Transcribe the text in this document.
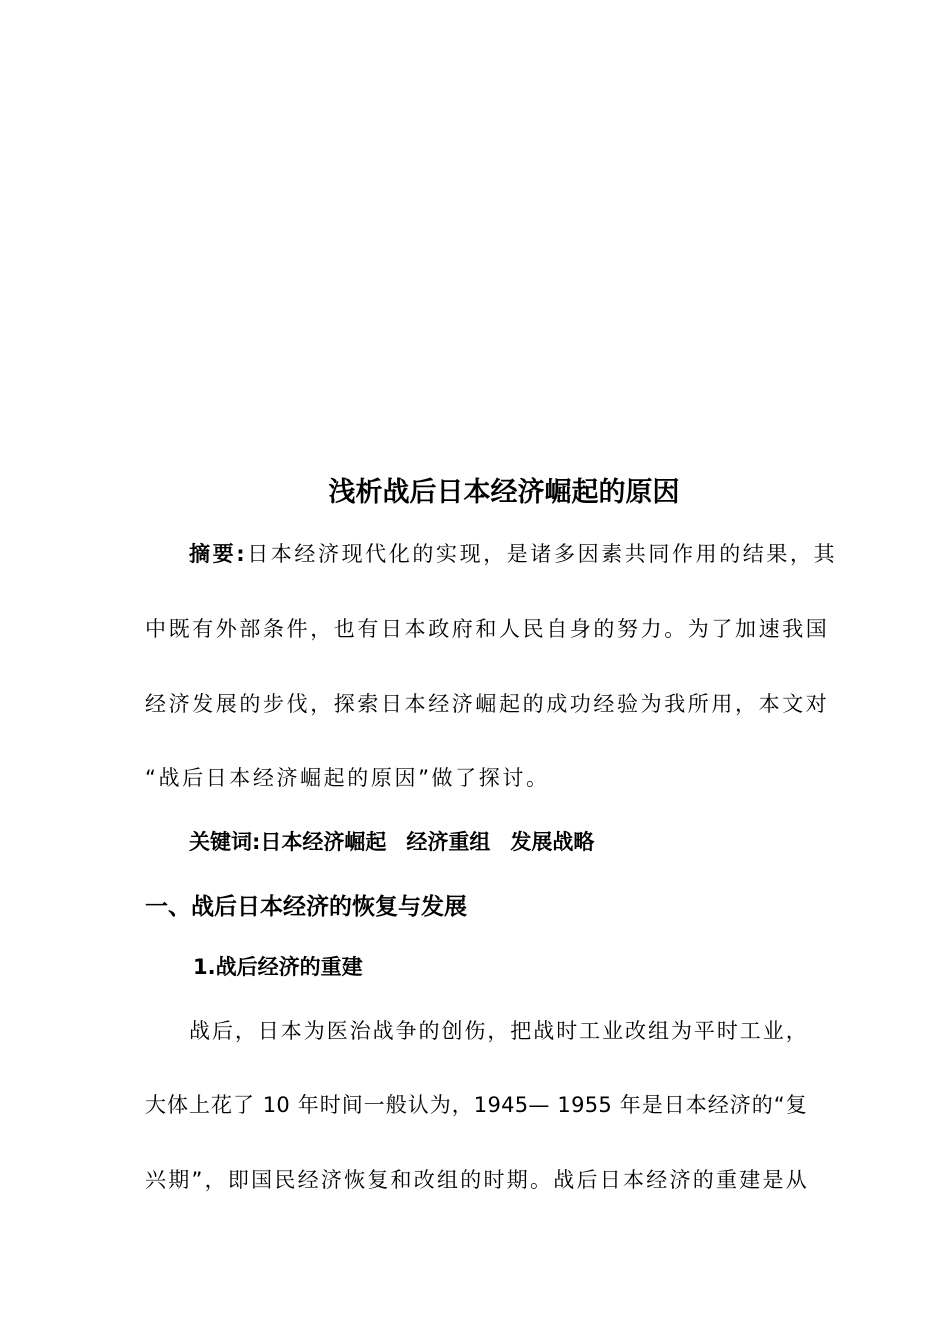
浅析战后日本经济崛起的原因
摘要:日本经济现代化的实现，是诸多因素共同作用的结果，其
中既有外部条件，也有日本政府和人民自身的努力。为了加速我国
经济发展的步伐，探索日本经济崛起的成功经验为我所用，本文对
“战后日本经济崛起的原因”做了探讨。
关键词:日本经济崛起 经济重组 发展战略
一、战后日本经济的恢复与发展
1.战后经济的重建
战后，日本为医治战争的创伤，把战时工业改组为平时工业，
大体上花了 10 年时间一般认为，1945— 1955 年是日本经济的“复
兴期”，即国民经济恢复和改组的时期。战后日本经济的重建是从
